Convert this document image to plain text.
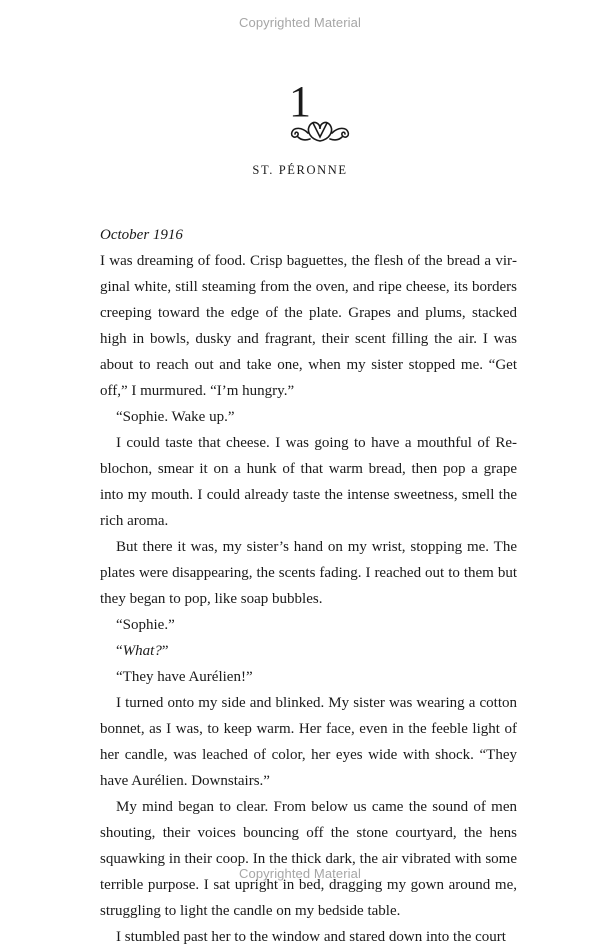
Copyrighted Material
1
ST. PÉRONNE

October 1916

I was dreaming of food. Crisp baguettes, the flesh of the bread a virginal white, still steaming from the oven, and ripe cheese, its borders creeping toward the edge of the plate. Grapes and plums, stacked high in bowls, dusky and fragrant, their scent filling the air. I was about to reach out and take one, when my sister stopped me. “Get off,” I murmured. “I’m hungry.”

“Sophie. Wake up.”

I could taste that cheese. I was going to have a mouthful of Reblochon, smear it on a hunk of that warm bread, then pop a grape into my mouth. I could already taste the intense sweetness, smell the rich aroma.

But there it was, my sister’s hand on my wrist, stopping me. The plates were disappearing, the scents fading. I reached out to them but they began to pop, like soap bubbles.

“Sophie.”

“What?”

“They have Aurélien!”

I turned onto my side and blinked. My sister was wearing a cotton bonnet, as I was, to keep warm. Her face, even in the feeble light of her candle, was leached of color, her eyes wide with shock. “They have Aurélien. Downstairs.”

My mind began to clear. From below us came the sound of men shouting, their voices bouncing off the stone courtyard, the hens squawking in their coop. In the thick dark, the air vibrated with some terrible purpose. I sat upright in bed, dragging my gown around me, struggling to light the candle on my bedside table.

I stumbled past her to the window and stared down into the court

Copyrighted Material
